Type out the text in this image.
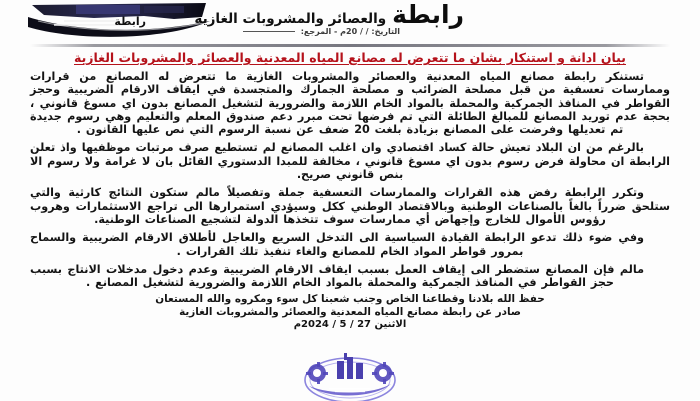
رابطة	رابطة
والعصائر والمشروبات الغازية
التاريخ: / / 20م - المرجع:
بيان ادانة و استنكار بشان ما تتعرض له مصانع المياه المعدنية والعصائر والمشروبات الغازية

تستنكر رابطة مصانع المياه المعدنية والعصائر والمشروبات الغازية ما تتعرض له المصانع من قرارات وممارسات تعسفية من قبل مصلحة الضرائب و مصلحة الجمارك والمتجسدة في ايقاف الارقام الضريبية وحجز القواطر في المنافذ الجمركية والمحملة بالمواد الخام اللازمة والضرورية لتشغيل المصانع بدون اي مسوغ قانوني ، بحجة عدم توريد المصانع للمبالغ الطائلة التي تم فرضها تحت مبرر دعم صندوق المعلم والتعليم وهي رسوم جديدة تم تعديلها وفرضت على المصانع بزيادة بلغت 20 ضعف عن نسبة الرسوم التي نص عليها القانون .

بالرغم من ان البلاد تعيش حالة كساد اقتصادي وان اغلب المصانع لم تستطيع صرف مرتبات موظفيها واذ تعلن الرابطة ان محاولة فرض رسوم بدون اي مسوغ قانوني ، مخالفة للمبدا الدستوري القائل بان لا غرامة ولا رسوم الا بنص قانوني صريح.

وتكرر الرابطة رفض هذه القرارات والممارسات التعسفية جملة وتفصيلاً مالم ستكون النتائج كارثية والتي ستلحق ضرراً بالغاً بالصناعات الوطنية وبالاقتصاد الوطني ككل وسيؤدي استمرارها الى تراجع الاستثمارات وهروب رؤوس الأموال للخارج وإجهاض أي ممارسات سوف تتخذها الدولة لتشجيع الصناعات الوطنية.

وفي ضوء ذلك تدعو الرابطة القيادة السياسية الى التدخل السريع والعاجل لأطلاق الارقام الضريبية والسماح بمرور قواطر المواد الخام للمصانع والغاء تنفيذ تلك القرارات .

مالم فإن المصانع ستضطر الى إيقاف العمل بسبب ايقاف الارقام الضريبية وعدم دخول مدخلات الانتاج بسبب حجز القواطر في المنافذ الجمركية والمحملة بالمواد الخام اللازمة والضرورية لتشغيل المصانع .

حفظ الله بلادنا وقطاعنا الخاص وجنب شعبنا كل سوء ومكروه والله المستعان

صادر عن رابطة مصانع المياه المعدنية والعصائر والمشروبات الغازية

الاثنين 27 / 5 / 2024م
